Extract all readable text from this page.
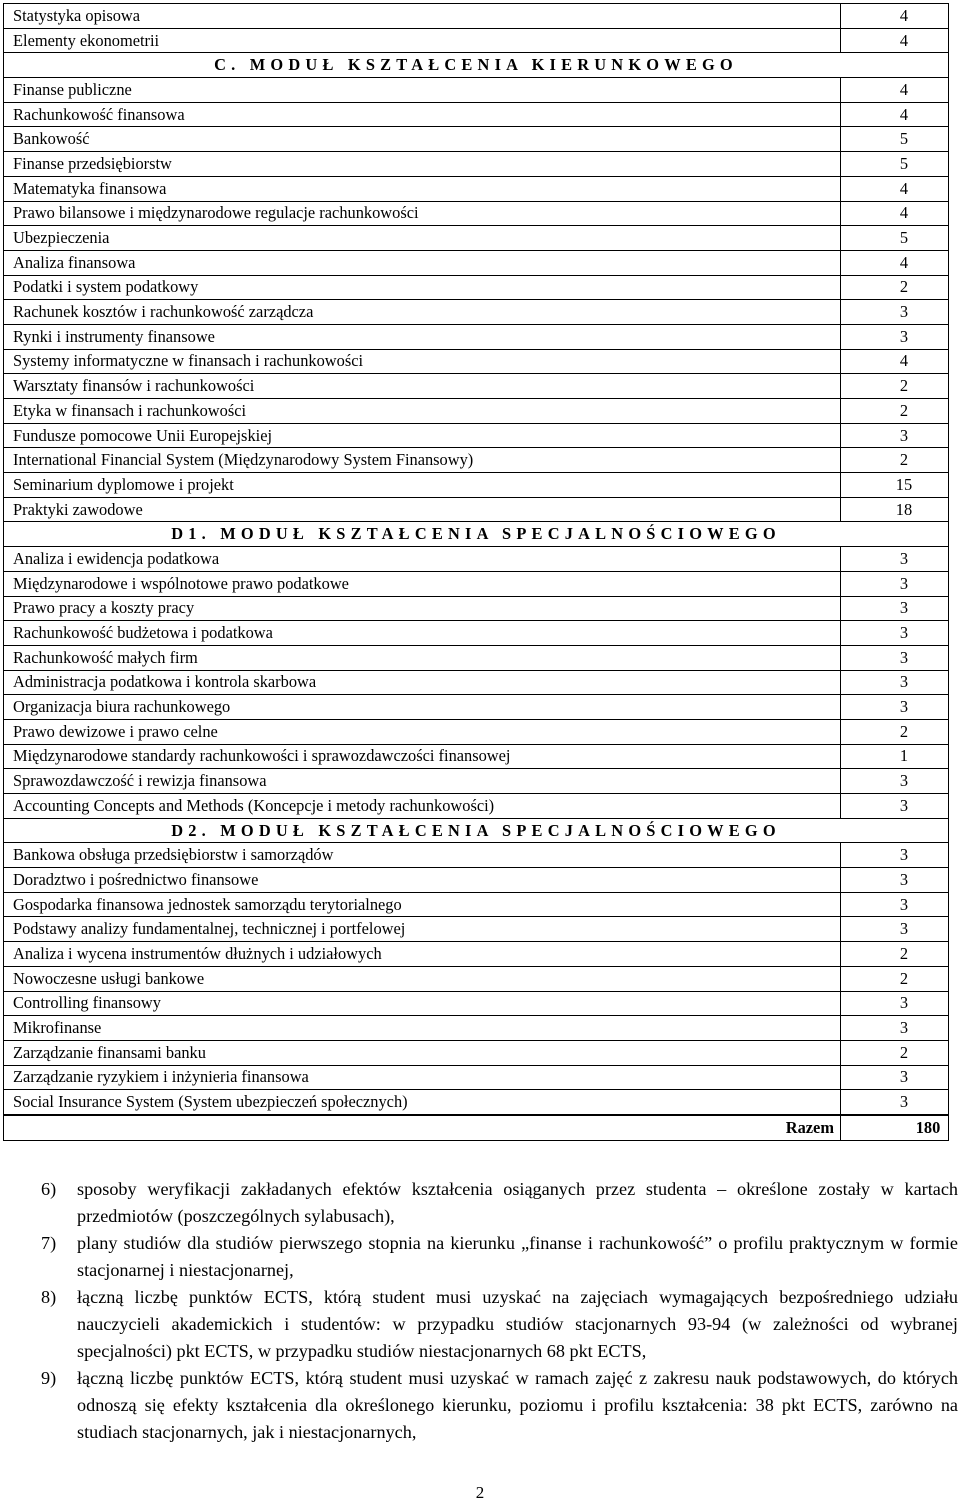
Statystyka opisowa	4
Elementy ekonometrii	4
C. MODUŁ KSZTAŁCENIA KIERUNKOWEGO	
Finanse publiczne	4
Rachunkowość finansowa	4
Bankowość	5
Finanse przedsiębiorstw	5
Matematyka finansowa	4
Prawo bilansowe i międzynarodowe regulacje rachunkowości	4
Ubezpieczenia	5
Analiza finansowa	4
Podatki i system podatkowy	2
Rachunek kosztów i rachunkowość zarządcza	3
Rynki i instrumenty finansowe	3
Systemy informatyczne w finansach i rachunkowości	4
Warsztaty finansów i rachunkowości	2
Etyka w finansach i rachunkowości	2
Fundusze pomocowe Unii Europejskiej	3
International Financial System (Międzynarodowy System Finansowy)	2
Seminarium dyplomowe i projekt	15
Praktyki zawodowe	18
D1. MODUŁ KSZTAŁCENIA SPECJALNOŚCIOWEGO	
Analiza i ewidencja podatkowa	3
Międzynarodowe i wspólnotowe prawo podatkowe	3
Prawo pracy a koszty pracy	3
Rachunkowość budżetowa i podatkowa	3
Rachunkowość małych firm	3
Administracja podatkowa i kontrola skarbowa	3
Organizacja biura rachunkowego	3
Prawo dewizowe i prawo celne	2
Międzynarodowe standardy rachunkowości i sprawozdawczości finansowej	1
Sprawozdawczość i rewizja finansowa	3
Accounting Concepts and Methods (Koncepcje i metody rachunkowości)	3
D2. MODUŁ KSZTAŁCENIA SPECJALNOŚCIOWEGO	
Bankowa obsługa przedsiębiorstw i samorządów	3
Doradztwo i pośrednictwo finansowe	3
Gospodarka finansowa jednostek samorządu terytorialnego	3
Podstawy analizy fundamentalnej, technicznej i portfelowej	3
Analiza i wycena instrumentów dłużnych i udziałowych	2
Nowoczesne usługi bankowe	2
Controlling finansowy	3
Mikrofinanse	3
Zarządzanie finansami banku	2
Zarządzanie ryzykiem i inżynieria finansowa	3
Social Insurance System (System ubezpieczeń społecznych)	3
Razem	180
6) sposoby weryfikacji zakładanych efektów kształcenia osiąganych przez studenta – określone zostały w kartach przedmiotów (poszczególnych sylabusach),
7) plany studiów dla studiów pierwszego stopnia na kierunku „finanse i rachunkowość” o profilu praktycznym w formie stacjonarnej i niestacjonarnej,
8) łączną liczbę punktów ECTS, którą student musi uzyskać na zajęciach wymagających bezpośredniego udziału nauczycieli akademickich i studentów: w przypadku studiów stacjonarnych 93-94 (w zależności od wybranej specjalności) pkt ECTS, w przypadku studiów niestacjonarnych 68 pkt ECTS,
9) łączną liczbę punktów ECTS, którą student musi uzyskać w ramach zajęć z zakresu nauk podstawowych, do których odnoszą się efekty kształcenia dla określonego kierunku, poziomu i profilu kształcenia: 38 pkt ECTS, zarówno na studiach stacjonarnych, jak i niestacjonarnych,
2
